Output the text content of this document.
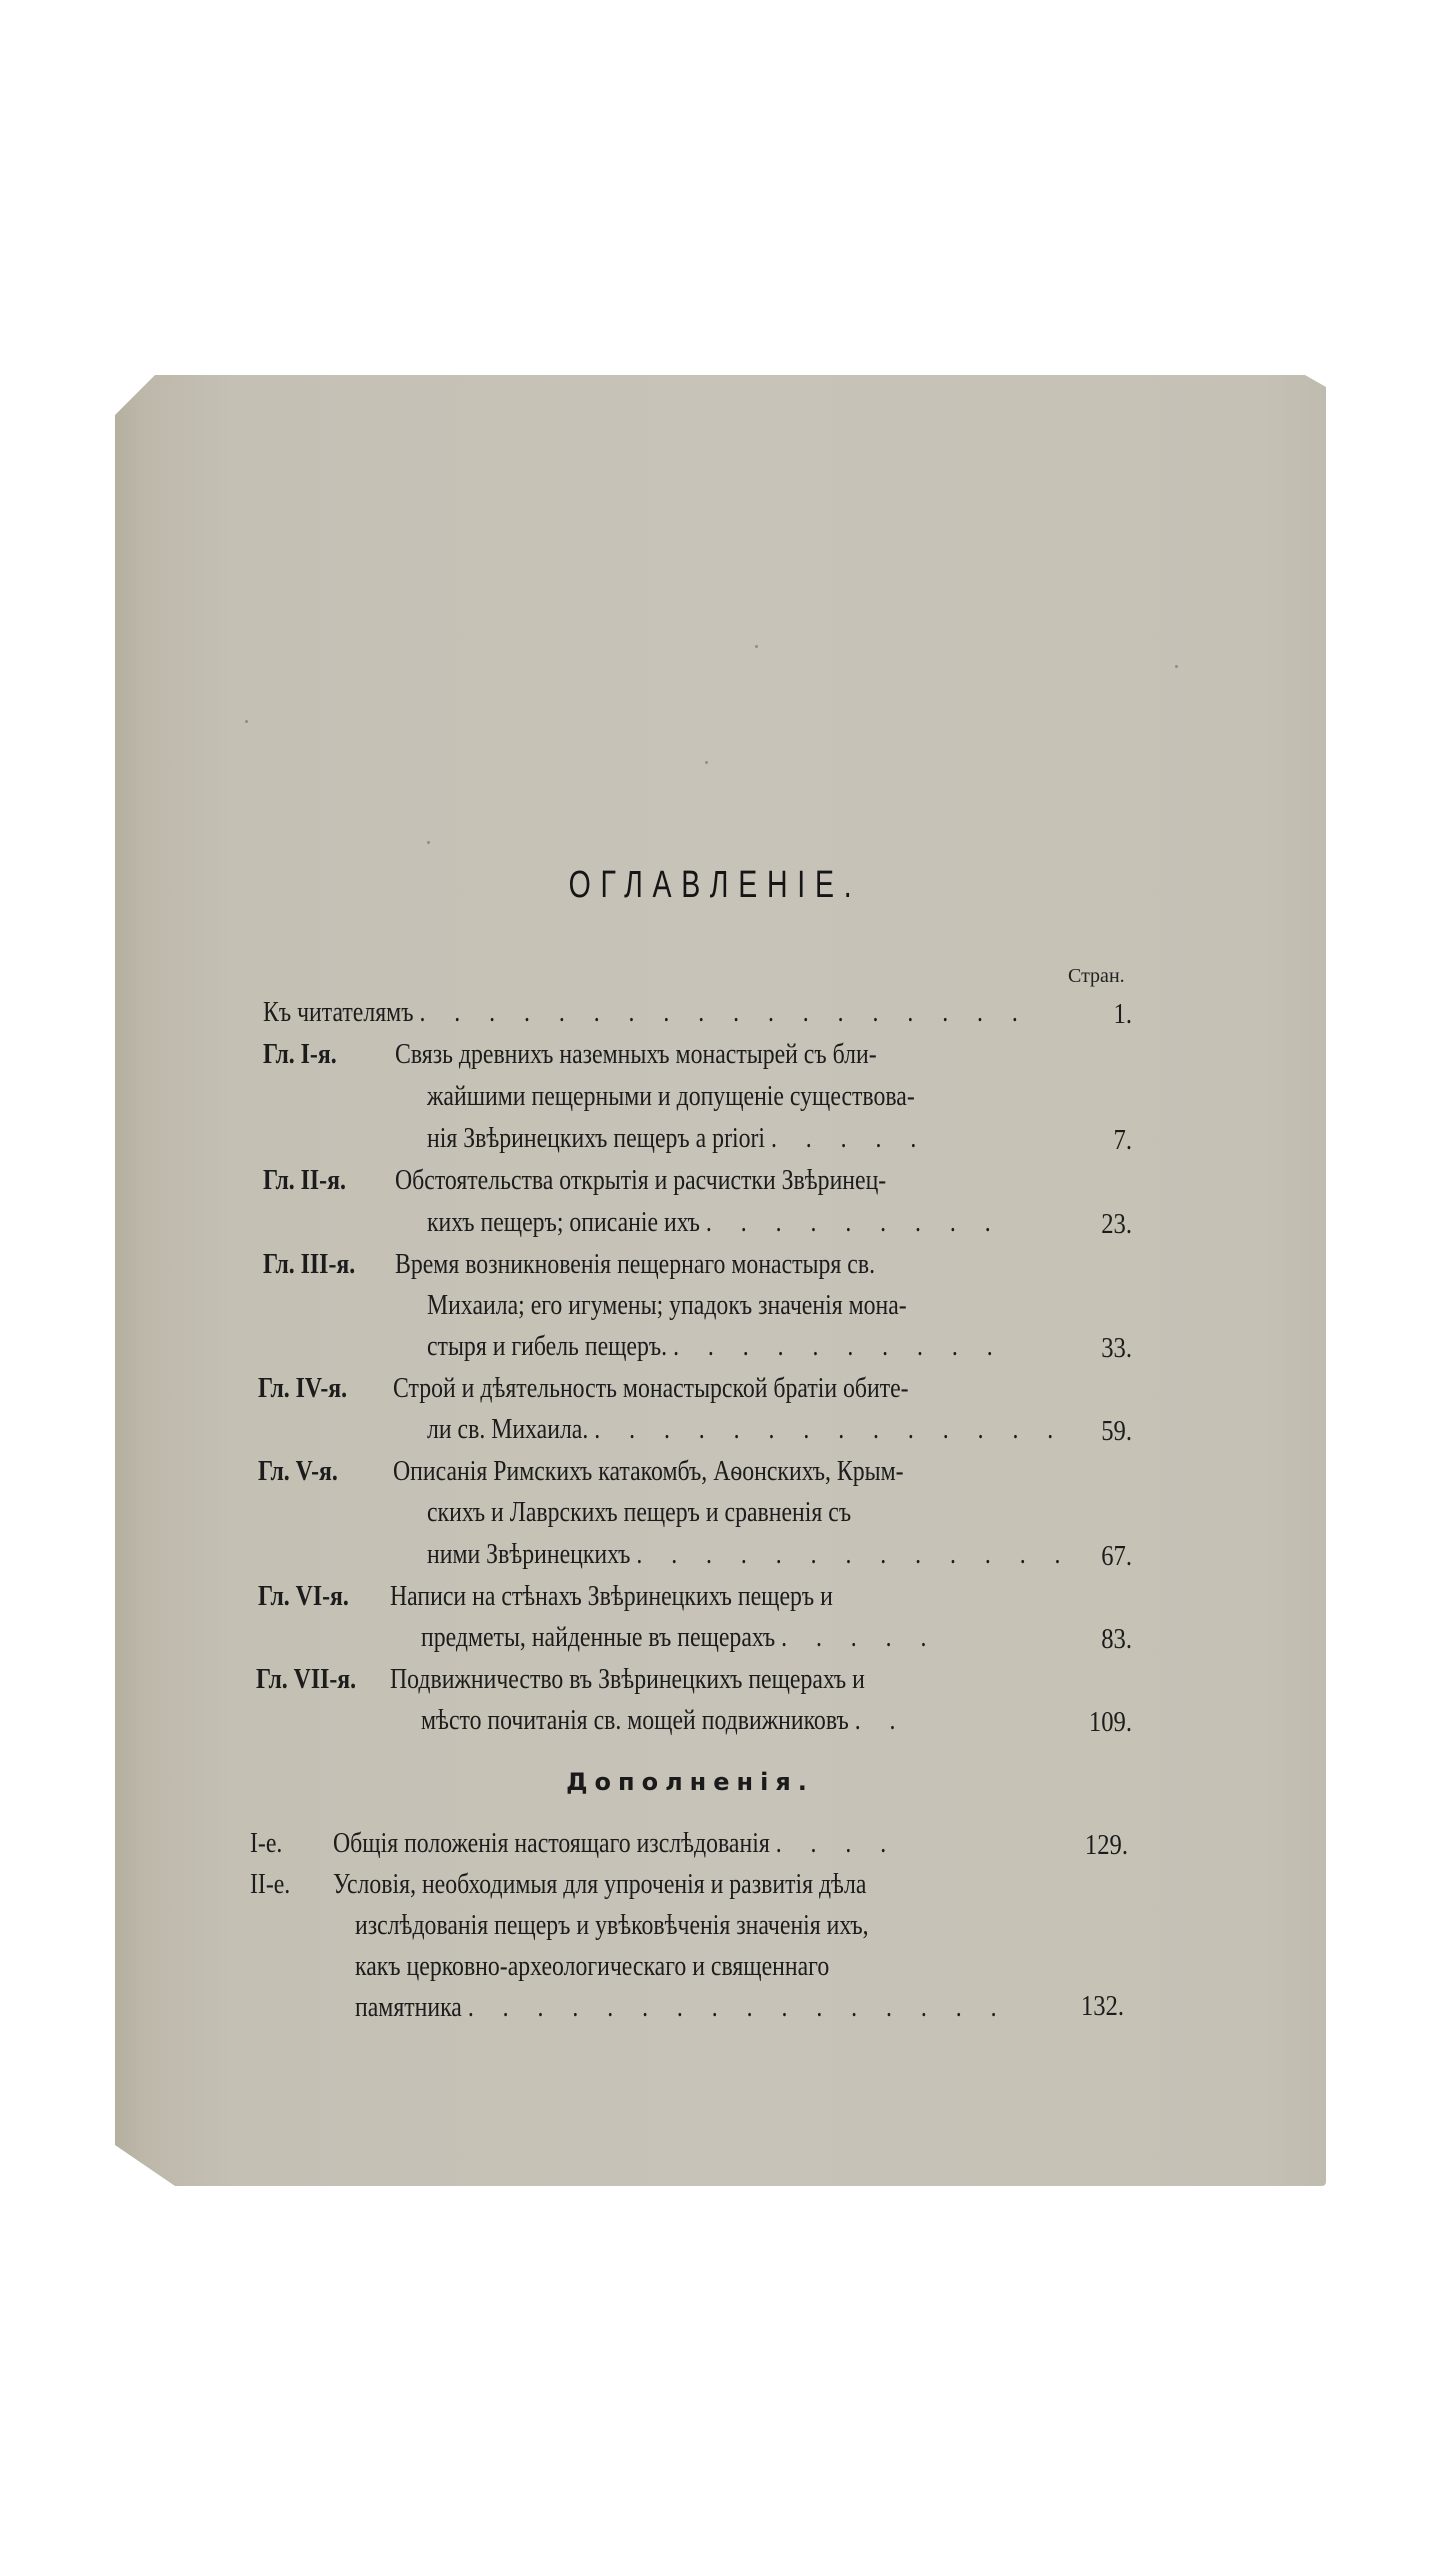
ОГЛАВЛЕНІЕ.
Стран.
Къ читателямъ . . . . . . . . . . . . . . . . . .	1.
Гл. I-я. Связь древнихъ наземныхъ монастырей съ бли-
жайшими пещерными и допущеніе существова-
нія Звѣринецкихъ пещеръ а priori . . . . .	7.
Гл. II-я. Обстоятельства открытія и расчистки Звѣринец-
кихъ пещеръ; описаніе ихъ . . . . . . . . .	23.
Гл. III-я. Время возникновенія пещернаго монастыря св.
Михаила; его игумены; упадокъ значенія мона-
стыря и гибель пещеръ. . . . . . . . . . .	33.
Гл. IV-я. Строй и дѣятельность монастырской братіи обите-
ли св. Михаила. . . . . . . . . . . . . . .	59.
Гл. V-я. Описанія Римскихъ катакомбъ, Аѳонскихъ, Крым-
скихъ и Лаврскихъ пещеръ и сравненія съ
ними Звѣринецкихъ . . . . . . . . . . . . .	67.
Гл. VI-я. Написи на стѣнахъ Звѣринецкихъ пещеръ и
предметы, найденные въ пещерахъ . . . . .	83.
Гл. VII-я. Подвижничество въ Звѣринецкихъ пещерахъ и
мѣсто почитанія св. мощей подвижниковъ . .	109.
Дополненія.
I-е. Общія положенія настоящаго изслѣдованія . . . .	129.
II-е. Условія, необходимыя для упроченія и развитія дѣла
изслѣдованія пещеръ и увѣковѣченія значенія ихъ,
какъ церковно-археологическаго и священнаго
памятника . . . . . . . . . . . . . . . .	132.
